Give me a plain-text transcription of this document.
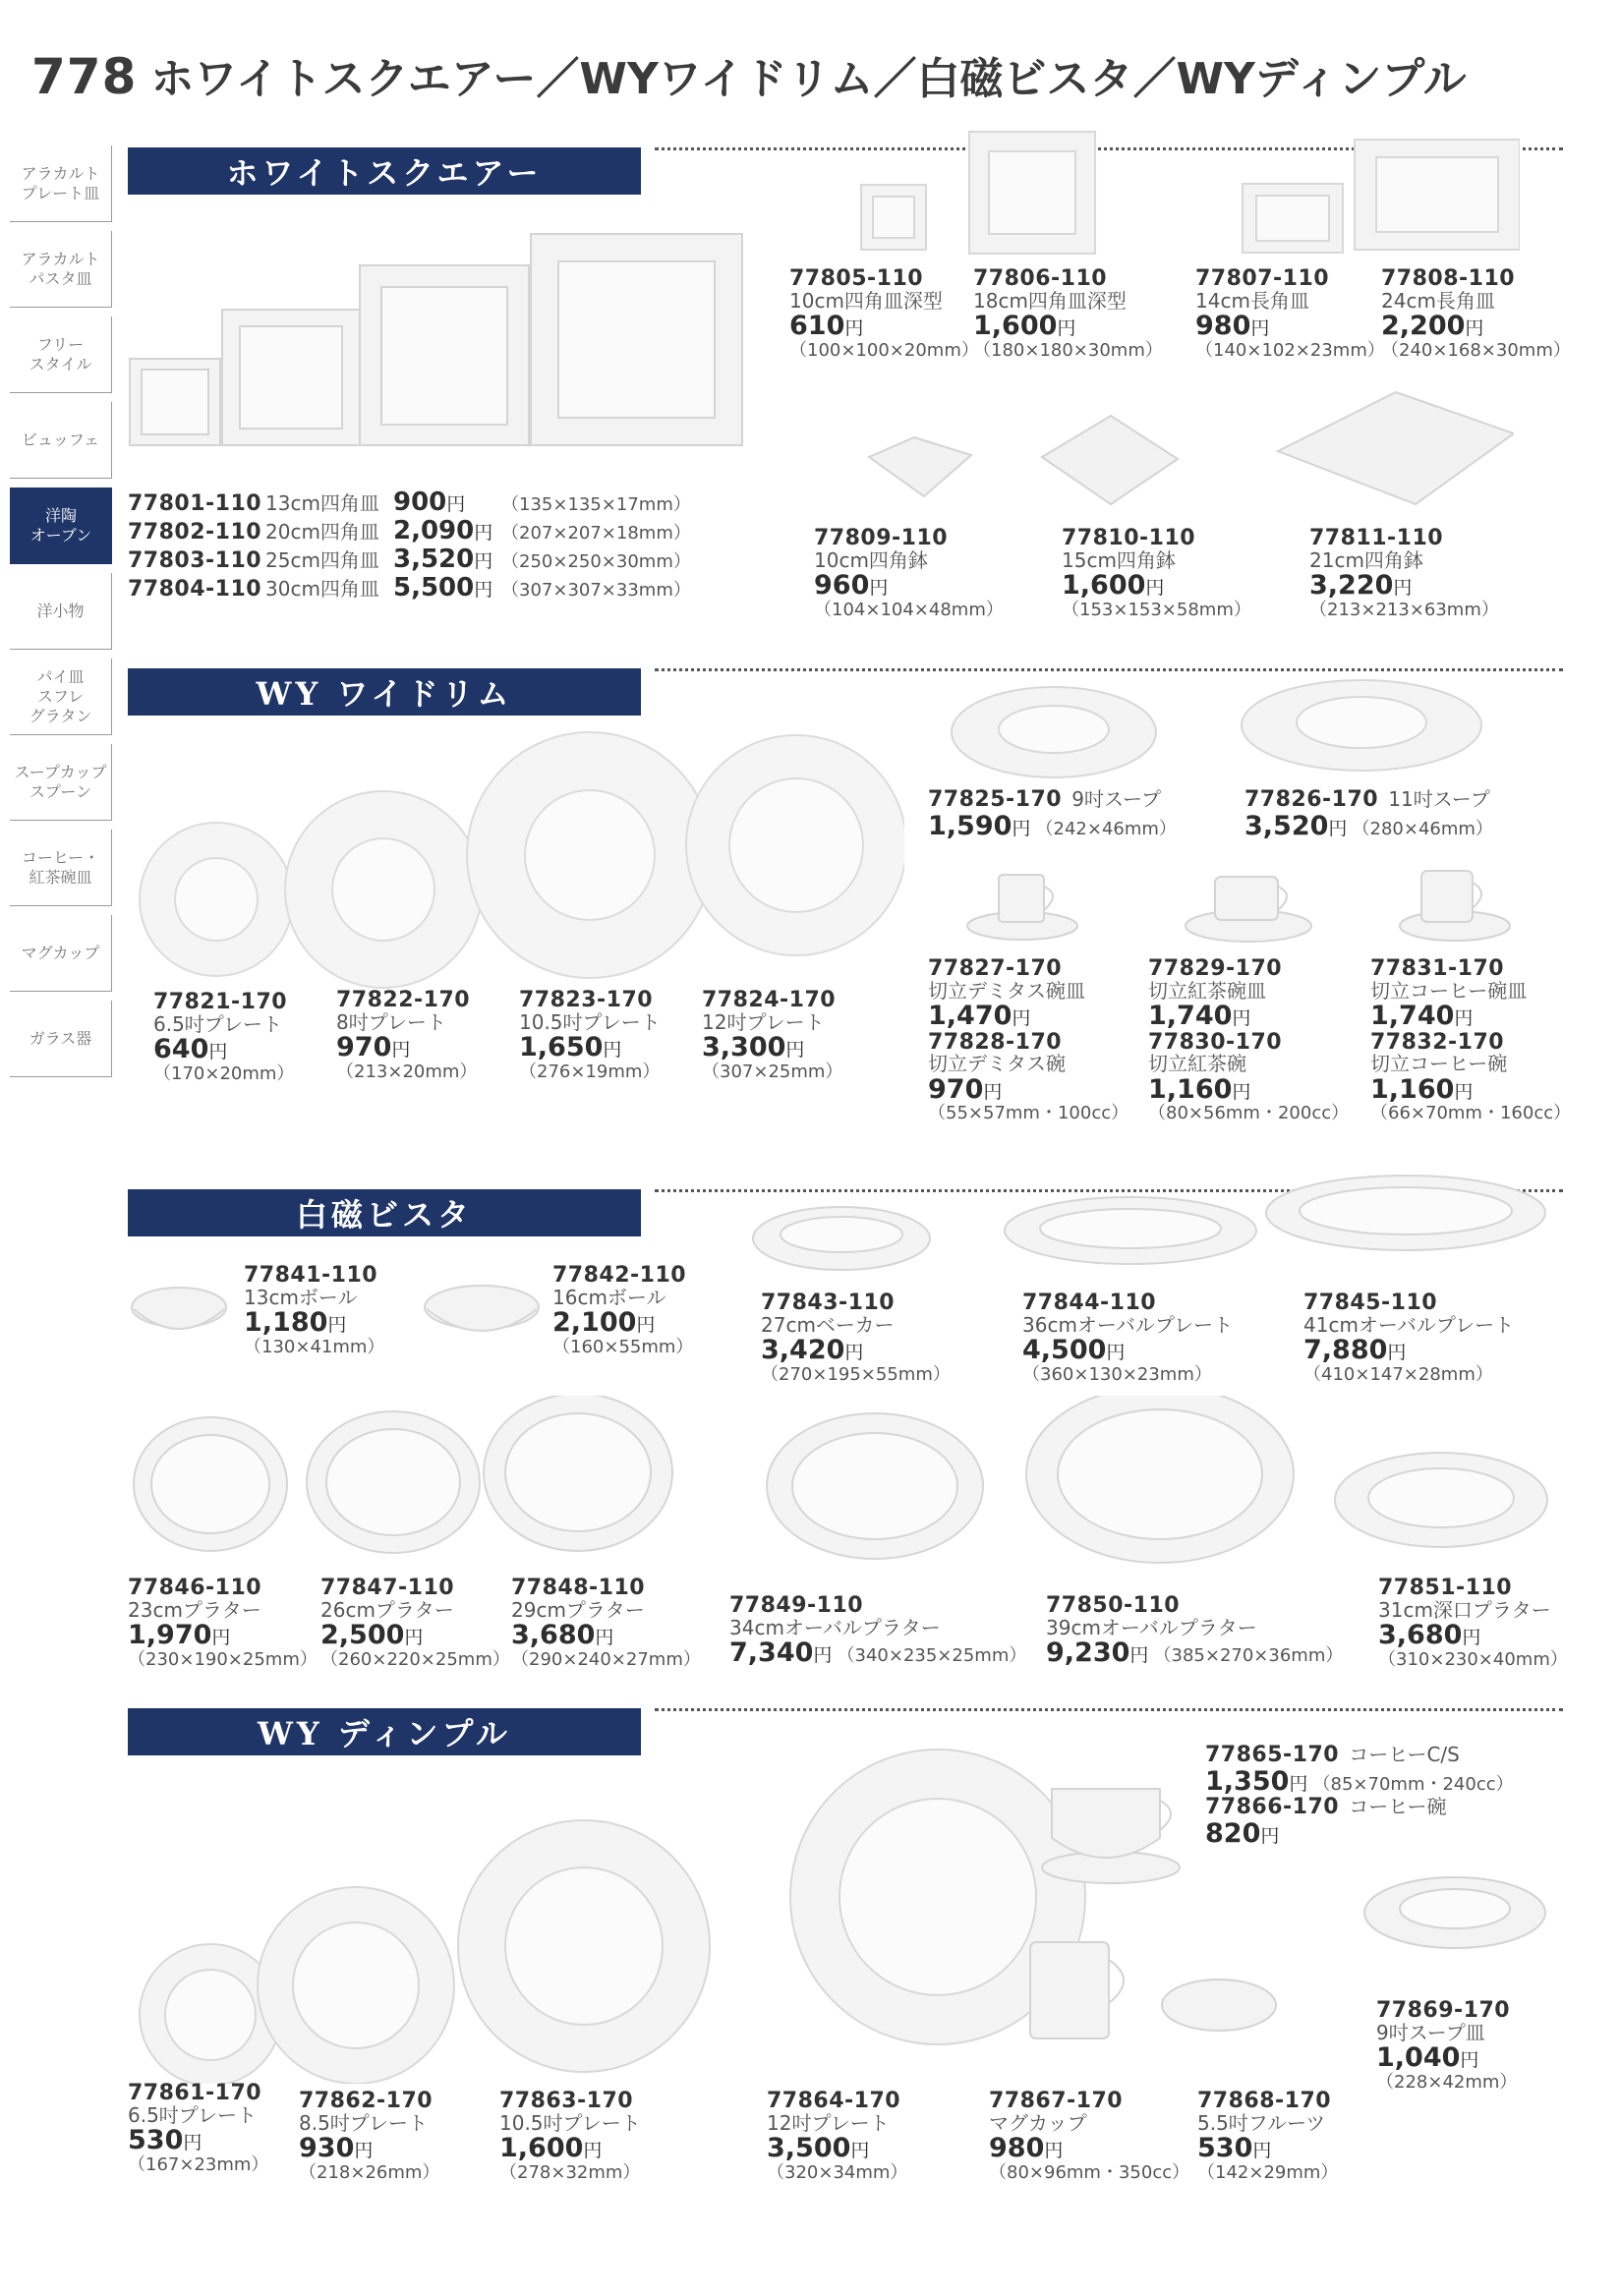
778 ホワイトスクエアー／WYワイドリム／白磁ビスタ／WYディンプル
アラカルト
プレート皿
アラカルト
パスタ皿
フリー
スタイル
ビュッフェ
洋陶
オーブン
洋小物
パイ皿
スフレ
グラタン
スープカップ
スプーン
コーヒー・
紅茶碗皿
マグカップ
ガラス器
ホワイトスクエアー
WY ワイドリム
白磁ビスタ
WY ディンプル
77801-110 13cm四角皿 900円 （135×135×17mm）
77802-110 20cm四角皿 2,090円 （207×207×18mm）
77803-110 25cm四角皿 3,520円 （250×250×30mm）
77804-110 30cm四角皿 5,500円 （307×307×33mm）
77805-110
10cm四角皿深型
610円
（100×100×20mm）
77806-110
18cm四角皿深型
1,600円
（180×180×30mm）
77807-110
14cm長角皿
980円
（140×102×23mm）
77808-110
24cm長角皿
2,200円
（240×168×30mm）
77809-110
10cm四角鉢
960円
（104×104×48mm）
77810-110
15cm四角鉢
1,600円
（153×153×58mm）
77811-110
21cm四角鉢
3,220円
（213×213×63mm）
77821-170
6.5吋プレート
640円
（170×20mm）
77822-170
8吋プレート
970円
（213×20mm）
77823-170
10.5吋プレート
1,650円
（276×19mm）
77824-170
12吋プレート
3,300円
（307×25mm）
77825-170 9吋スープ
1,590円 （242×46mm）
77826-170 11吋スープ
3,520円 （280×46mm）
77827-170
切立デミタス碗皿
1,470円
77828-170
切立デミタス碗
970円
（55×57mm・100cc）
77829-170
切立紅茶碗皿
1,740円
77830-170
切立紅茶碗
1,160円
（80×56mm・200cc）
77831-170
切立コーヒー碗皿
1,740円
77832-170
切立コーヒー碗
1,160円
（66×70mm・160cc）
77841-110
13cmボール
1,180円
（130×41mm）
77842-110
16cmボール
2,100円
（160×55mm）
77843-110
27cmベーカー
3,420円
（270×195×55mm）
77844-110
36cmオーバルプレート
4,500円
（360×130×23mm）
77845-110
41cmオーバルプレート
7,880円
（410×147×28mm）
77846-110
23cmプラター
1,970円
（230×190×25mm）
77847-110
26cmプラター
2,500円
（260×220×25mm）
77848-110
29cmプラター
3,680円
（290×240×27mm）
77849-110
34cmオーバルプラター
7,340円 （340×235×25mm）
77850-110
39cmオーバルプラター
9,230円 （385×270×36mm）
77851-110
31cm深口プラター
3,680円
（310×230×40mm）
77865-170 コーヒーC/S
1,350円 （85×70mm・240cc）
77866-170 コーヒー碗
820円
77869-170
9吋スープ皿
1,040円
（228×42mm）
77861-170
6.5吋プレート
530円
（167×23mm）
77862-170
8.5吋プレート
930円
（218×26mm）
77863-170
10.5吋プレート
1,600円
（278×32mm）
77864-170
12吋プレート
3,500円
（320×34mm）
77867-170
マグカップ
980円
（80×96mm・350cc）
77868-170
5.5吋フルーツ
530円
（142×29mm）
